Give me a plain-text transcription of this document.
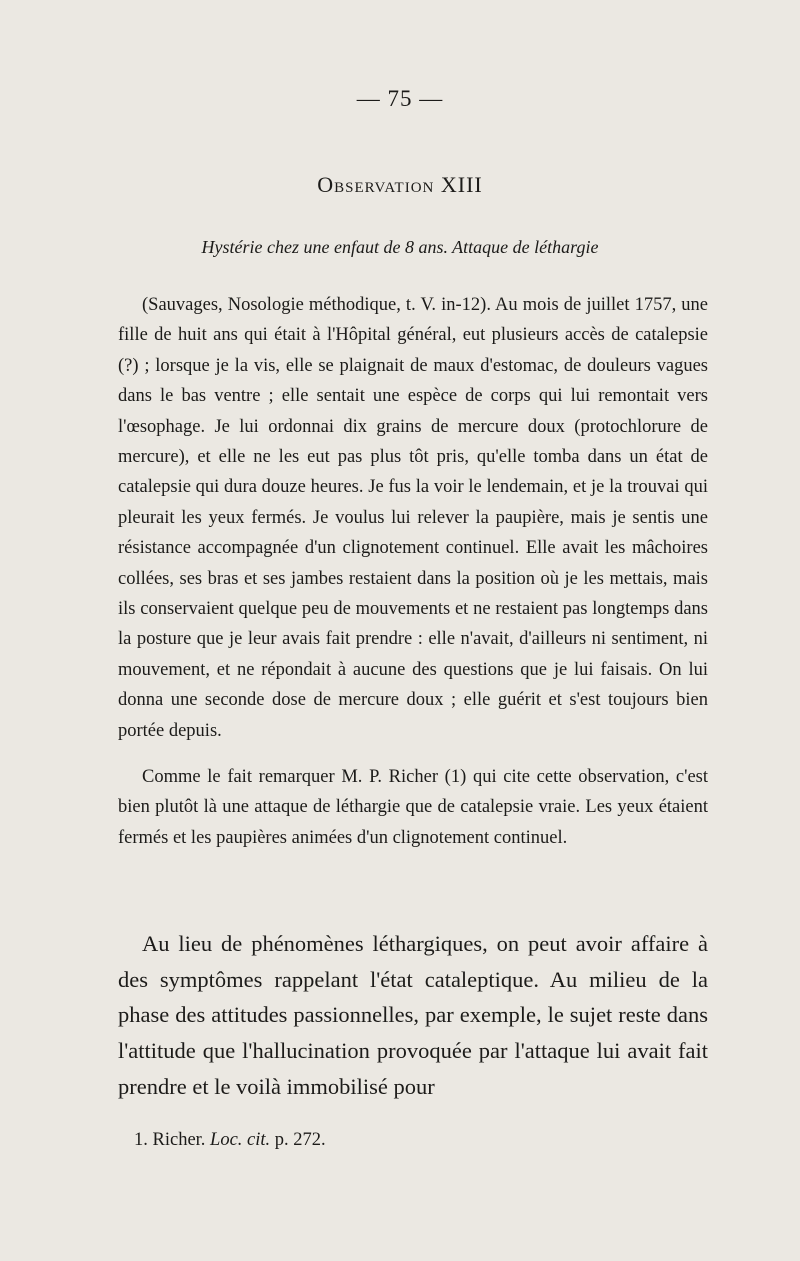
— 75 —
Observation XIII
Hystérie chez une enfaut de 8 ans. Attaque de léthargie

(Sauvages, Nosologie méthodique, t. V. in-12). Au mois de juillet 1757, une fille de huit ans qui était à l'Hôpital général, eut plusieurs accès de catalepsie (?) ; lorsque je la vis, elle se plaignait de maux d'estomac, de douleurs vagues dans le bas ventre ; elle sentait une espèce de corps qui lui remontait vers l'œsophage. Je lui ordonnai dix grains de mercure doux (protochlorure de mercure), et elle ne les eut pas plus tôt pris, qu'elle tomba dans un état de catalepsie qui dura douze heures. Je fus la voir le lendemain, et je la trouvai qui pleurait les yeux fermés. Je voulus lui relever la paupière, mais je sentis une résistance accompagnée d'un clignotement continuel. Elle avait les mâchoires collées, ses bras et ses jambes restaient dans la position où je les mettais, mais ils conservaient quelque peu de mouvements et ne restaient pas longtemps dans la posture que je leur avais fait prendre : elle n'avait, d'ailleurs ni sentiment, ni mouvement, et ne répondait à aucune des questions que je lui faisais. On lui donna une seconde dose de mercure doux ; elle guérit et s'est toujours bien portée depuis.

Comme le fait remarquer M. P. Richer (1) qui cite cette observation, c'est bien plutôt là une attaque de léthargie que de catalepsie vraie. Les yeux étaient fermés et les paupières animées d'un clignotement continuel.

Au lieu de phénomènes léthargiques, on peut avoir affaire à des symptômes rappelant l'état cataleptique. Au milieu de la phase des attitudes passionnelles, par exemple, le sujet reste dans l'attitude que l'hallucination provoquée par l'attaque lui avait fait prendre et le voilà immobilisé pour

1. Richer. Loc. cit. p. 272.
